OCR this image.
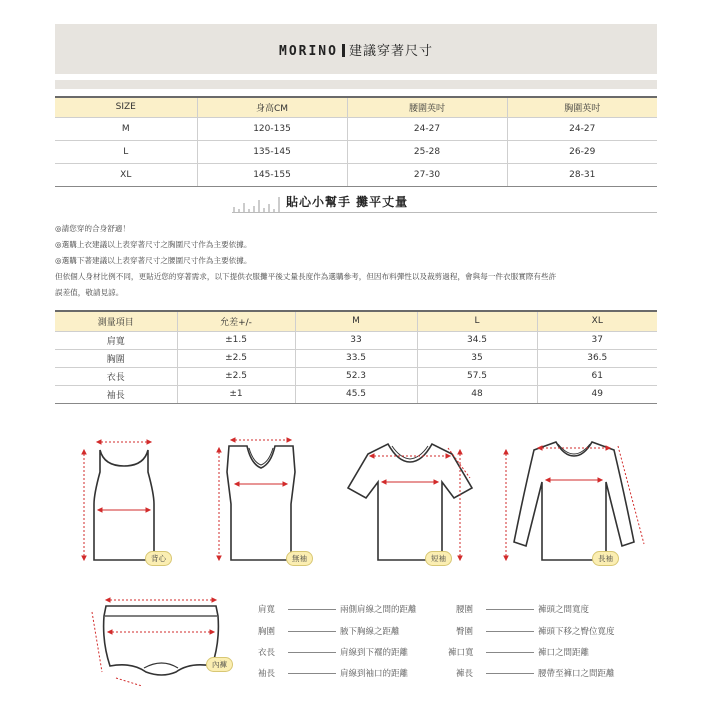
MORINO 建議穿著尺寸
SIZE	身高CM	腰圍英吋	胸圍英吋
M	120-135	24-27	24-27
L	135-145	25-28	26-29
XL	145-155	27-30	28-31
貼心小幫手 攤平丈量
◎請您穿的合身舒適！
◎選購上衣建議以上表穿著尺寸之胸圍尺寸作為主要依據。
◎選購下著建議以上表穿著尺寸之腰圍尺寸作為主要依據。
但依個人身材比例不同，更貼近您的穿著需求，以下提供衣服攤平後丈量長度作為選購參考，但因布料彈性以及裁剪過程，會與每一件衣服實際有些許
誤差值，敬請見諒。
測量項目	允差+/-	M	L	XL
肩寬	±1.5	33	34.5	37
胸圍	±2.5	33.5	35	36.5
衣長	±2.5	52.3	57.5	61
袖長	±1	45.5	48	49
背心	無袖	短袖	長袖
內褲
肩寬	兩側肩線之間的距離
胸圍	腋下胸線之距離
衣長	肩線到下襬的距離
袖長	肩線到袖口的距離
腰圍	褲頭之間寬度
臀圍	褲頭下移之臀位寬度
褲口寬	褲口之間距離
褲長	腰帶至褲口之間距離
